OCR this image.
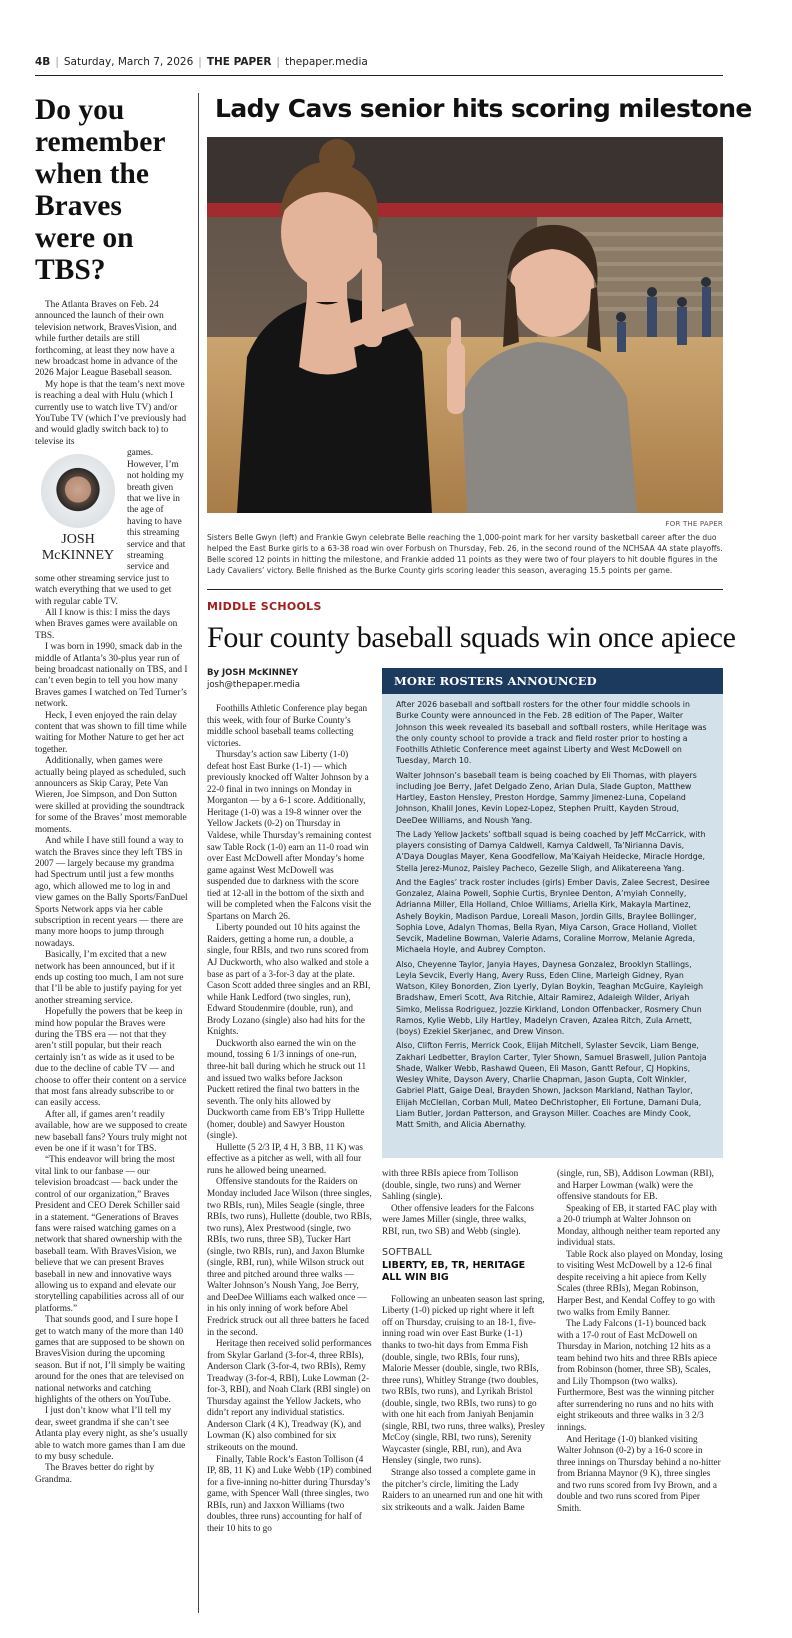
4B | Saturday, March 7, 2026 | THE PAPER | thepaper.media
Do you remember when the Braves were on TBS?

The Atlanta Braves on Feb. 24 announced the launch of their own television network, BravesVision, and while further details are still forthcoming, at least they now have a new broadcast home in advance of the 2026 Major League Baseball season.

My hope is that the team’s next move is reaching a deal with Hulu (which I currently use to watch live TV) and/or YouTube TV (which I’ve previously had and would gladly switch back to) to televise its

JOSH
McKINNEY

games. However, I’m not holding my breath given that we live in the age of having to have this streaming service and that streaming service and some other streaming service just to watch everything that we used to get with regular cable TV.

All I know is this: I miss the days when Braves games were available on TBS.

I was born in 1990, smack dab in the middle of Atlanta’s 30-plus year run of being broadcast nationally on TBS, and I can’t even begin to tell you how many Braves games I watched on Ted Turner’s network.

Heck, I even enjoyed the rain delay content that was shown to fill time while waiting for Mother Nature to get her act together.

Additionally, when games were actually being played as scheduled, such announcers as Skip Caray, Pete Van Wieren, Joe Simpson, and Don Sutton were skilled at providing the soundtrack for some of the Braves’ most memorable moments.

And while I have still found a way to watch the Braves since they left TBS in 2007 — largely because my grandma had Spectrum until just a few months ago, which allowed me to log in and view games on the Bally Sports/FanDuel Sports Network apps via her cable subscription in recent years — there are many more hoops to jump through nowadays.

Basically, I’m excited that a new network has been announced, but if it ends up costing too much, I am not sure that I’ll be able to justify paying for yet another streaming service.

Hopefully the powers that be keep in mind how popular the Braves were during the TBS era — not that they aren’t still popular, but their reach certainly isn’t as wide as it used to be due to the decline of cable TV — and choose to offer their content on a service that most fans already subscribe to or can easily access.

After all, if games aren’t readily available, how are we supposed to create new baseball fans? Yours truly might not even be one if it wasn’t for TBS.

“This endeavor will bring the most vital link to our fanbase — our television broadcast — back under the control of our organization,” Braves President and CEO Derek Schiller said in a statement. “Generations of Braves fans were raised watching games on a network that shared ownership with the baseball team. With BravesVision, we believe that we can present Braves baseball in new and innovative ways allowing us to expand and elevate our storytelling capabilities across all of our platforms.”

That sounds good, and I sure hope I get to watch many of the more than 140 games that are supposed to be shown on BravesVision during the upcoming season. But if not, I’ll simply be waiting around for the ones that are televised on national networks and catching highlights of the others on YouTube.

I just don’t know what I’ll tell my dear, sweet grandma if she can’t see Atlanta play every night, as she’s usually able to watch more games than I am due to my busy schedule.

The Braves better do right by Grandma.

Lady Cavs senior hits scoring milestone
FOR THE PAPER
Sisters Belle Gwyn (left) and Frankie Gwyn celebrate Belle reaching the 1,000-point mark for her varsity basketball career after the duo helped the East Burke girls to a 63-38 road win over Forbush on Thursday, Feb. 26, in the second round of the NCHSAA 4A state playoffs. Belle scored 12 points in hitting the milestone, and Frankie added 11 points as they were two of four players to hit double figures in the Lady Cavaliers’ victory. Belle finished as the Burke County girls scoring leader this season, averaging 15.5 points per game.
MIDDLE SCHOOLS
Four county baseball squads win once apiece
By JOSH McKINNEY
josh@thepaper.media

Foothills Athletic Conference play began this week, with four of Burke County’s middle school baseball teams collecting victories.

Thursday’s action saw Liberty (1-0) defeat host East Burke (1-1) — which previously knocked off Walter Johnson by a 22-0 final in two innings on Monday in Morganton — by a 6-1 score. Additionally, Heritage (1-0) was a 19-8 winner over the Yellow Jackets (0-2) on Thursday in Valdese, while Thursday’s remaining contest saw Table Rock (1-0) earn an 11-0 road win over East McDowell after Monday’s home game against West McDowell was suspended due to darkness with the score tied at 12-all in the bottom of the sixth and will be completed when the Falcons visit the Spartans on March 26.

Liberty pounded out 10 hits against the Raiders, getting a home run, a double, a single, four RBIs, and two runs scored from AJ Duckworth, who also walked and stole a base as part of a 3-for-3 day at the plate. Cason Scott added three singles and an RBI, while Hank Ledford (two singles, run), Edward Stoudenmire (double, run), and Brody Lozano (single) also had hits for the Knights.

Duckworth also earned the win on the mound, tossing 6 1/3 innings of one-run, three-hit ball during which he struck out 11 and issued two walks before Jackson Puckett retired the final two batters in the seventh. The only hits allowed by Duckworth came from EB’s Tripp Hullette (homer, double) and Sawyer Houston (single).

Hullette (5 2/3 IP, 4 H, 3 BB, 11 K) was effective as a pitcher as well, with all four runs he allowed being unearned.

Offensive standouts for the Raiders on Monday included Jace Wilson (three singles, two RBIs, run), Miles Seagle (single, three RBIs, two runs), Hullette (double, two RBIs, two runs), Alex Prestwood (single, two RBIs, two runs, three SB), Tucker Hart (single, two RBIs, run), and Jaxon Blumke (single, RBI, run), while Wilson struck out three and pitched around three walks — Walter Johnson’s Noush Yang, Joe Berry, and DeeDee Williams each walked once — in his only inning of work before Abel Fredrick struck out all three batters he faced in the second.

Heritage then received solid performances from Skylar Garland (3-for-4, three RBIs), Anderson Clark (3-for-4, two RBIs), Remy Treadway (3-for-4, RBI), Luke Lowman (2-for-3, RBI), and Noah Clark (RBI single) on Thursday against the Yellow Jackets, who didn’t report any individual statistics. Anderson Clark (4 K), Treadway (K), and Lowman (K) also combined for six strikeouts on the mound.

Finally, Table Rock’s Easton Tollison (4 IP, 8B, 11 K) and Luke Webb (1P) combined for a five-inning no-hitter during Thursday’s game, with Spencer Wall (three singles, two RBIs, run) and Jaxxon Williams (two doubles, three runs) accounting for half of their 10 hits to go

MORE ROSTERS ANNOUNCED

After 2026 baseball and softball rosters for the other four middle schools in Burke County were announced in the Feb. 28 edition of The Paper, Walter Johnson this week revealed its baseball and softball rosters, while Heritage was the only county school to provide a track and field roster prior to hosting a Foothills Athletic Conference meet against Liberty and West McDowell on Tuesday, March 10.

Walter Johnson’s baseball team is being coached by Eli Thomas, with players including Joe Berry, Jafet Delgado Zeno, Arian Dula, Slade Gupton, Matthew Hartley, Easton Hensley, Preston Hordge, Sammy Jimenez-Luna, Copeland Johnson, Khalil Jones, Kevin Lopez-Lopez, Stephen Pruitt, Kayden Stroud, DeeDee Williams, and Noush Yang.

The Lady Yellow Jackets’ softball squad is being coached by Jeff McCarrick, with players consisting of Damya Caldwell, Kamya Caldwell, Ta’Nirianna Davis, A’Daya Douglas Mayer, Kena Goodfellow, Ma’Kaiyah Heidecke, Miracle Hordge, Stella Jerez-Munoz, Paisley Pacheco, Gezelle Sligh, and Alikatereena Yang.

And the Eagles’ track roster includes (girls) Ember Davis, Zalee Secrest, Desiree Gonzalez, Alaina Powell, Sophie Curtis, Brynlee Denton, A’myiah Connelly, Adrianna Miller, Ella Holland, Chloe Williams, Ariella Kirk, Makayla Martinez, Ashely Boykin, Madison Pardue, Loreali Mason, Jordin Gills, Braylee Bollinger, Sophia Love, Adalyn Thomas, Bella Ryan, Miya Carson, Grace Holland, Viollet Sevcik, Madeline Bowman, Valerie Adams, Coraline Morrow, Melanie Agreda, Michaela Hoyle, and Aubrey Compton.

Also, Cheyenne Taylor, Janyia Hayes, Daynesa Gonzalez, Brooklyn Stallings, Leyla Sevcik, Everly Hang, Avery Russ, Eden Cline, Marleigh Gidney, Ryan Watson, Kiley Bonorden, Zion Lyerly, Dylan Boykin, Teaghan McGuire, Kayleigh Bradshaw, Emeri Scott, Ava Ritchie, Altair Ramirez, Adaleigh Wilder, Ariyah Simko, Melissa Rodriguez, Jozzie Kirkland, London Offenbacker, Rosmery Chun Ramos, Kylie Webb, Lily Hartley, Madelyn Craven, Azalea Ritch, Zula Arnett, (boys) Ezekiel Skerjanec, and Drew Vinson.

Also, Clifton Ferris, Merrick Cook, Elijah Mitchell, Sylaster Sevcik, Liam Benge, Zakhari Ledbetter, Braylon Carter, Tyler Shown, Samuel Braswell, Julion Pantoja Shade, Walker Webb, Rashawd Queen, Eli Mason, Gantt Refour, CJ Hopkins, Wesley White, Dayson Avery, Charlie Chapman, Jason Gupta, Colt Winkler, Gabriel Platt, Gaige Deal, Brayden Shown, Jackson Markland, Nathan Taylor, Elijah McClellan, Corban Mull, Mateo DeChristopher, Eli Fortune, Damani Dula, Liam Butler, Jordan Patterson, and Grayson Miller. Coaches are Mindy Cook, Matt Smith, and Alicia Abernathy.

with three RBIs apiece from Tollison (double, single, two runs) and Werner Sahling (single).

Other offensive leaders for the Falcons were James Miller (single, three walks, RBI, run, two SB) and Webb (single).

SOFTBALL
LIBERTY, EB, TR, HERITAGE ALL WIN BIG

Following an unbeaten season last spring, Liberty (1-0) picked up right where it left off on Thursday, cruising to an 18-1, five-inning road win over East Burke (1-1) thanks to two-hit days from Emma Fish (double, single, two RBIs, four runs), Malorie Messer (double, single, two RBIs, three runs), Whitley Strange (two doubles, two RBIs, two runs), and Lyrikah Bristol (double, single, two RBIs, two runs) to go with one hit each from Janiyah Benjamin (single, RBI, two runs, three walks), Presley McCoy (single, RBI, two runs), Serenity Waycaster (single, RBI, run), and Ava Hensley (single, two runs).

Strange also tossed a complete game in the pitcher’s circle, limiting the Lady Raiders to an unearned run and one hit with six strikeouts and a walk. Jaiden Bame

(single, run, SB), Addison Lowman (RBI), and Harper Lowman (walk) were the offensive standouts for EB.

Speaking of EB, it started FAC play with a 20-0 triumph at Walter Johnson on Monday, although neither team reported any individual stats.

Table Rock also played on Monday, losing to visiting West McDowell by a 12-6 final despite receiving a hit apiece from Kelly Scales (three RBIs), Megan Robinson, Harper Best, and Kendal Coffey to go with two walks from Emily Banner.

The Lady Falcons (1-1) bounced back with a 17-0 rout of East McDowell on Thursday in Marion, notching 12 hits as a team behind two hits and three RBIs apiece from Robinson (homer, three SB), Scales, and Lily Thompson (two walks). Furthermore, Best was the winning pitcher after surrendering no runs and no hits with eight strikeouts and three walks in 3 2/3 innings.

And Heritage (1-0) blanked visiting Walter Johnson (0-2) by a 16-0 score in three innings on Thursday behind a no-hitter from Brianna Maynor (9 K), three singles and two runs scored from Ivy Brown, and a double and two runs scored from Piper Smith.
